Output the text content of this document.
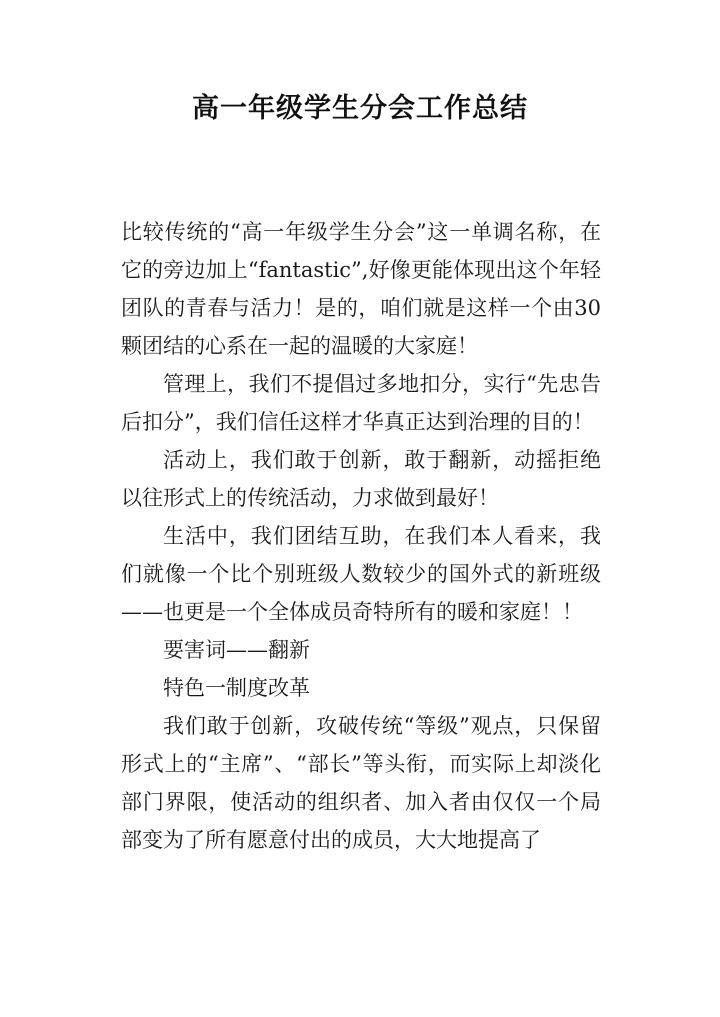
高一年级学生分会工作总结

比较传统的“高一年级学生分会”这一单调名称，在它的旁边加上“fantastic”,好像更能体现出这个年轻团队的青春与活力！是的，咱们就是这样一个由30颗团结的心系在一起的温暖的大家庭！

管理上，我们不提倡过多地扣分，实行“先忠告后扣分”，我们信任这样才华真正达到治理的目的！

活动上，我们敢于创新，敢于翻新，动摇拒绝以往形式上的传统活动，力求做到最好！

生活中，我们团结互助，在我们本人看来，我们就像一个比个别班级人数较少的国外式的新班级——也更是一个全体成员奇特所有的暖和家庭！！

要害词——翻新

特色一制度改革

我们敢于创新，攻破传统“等级”观点，只保留形式上的“主席”、“部长”等头衔，而实际上却淡化部门界限，使活动的组织者、加入者由仅仅一个局部变为了所有愿意付出的成员，大大地提高了
